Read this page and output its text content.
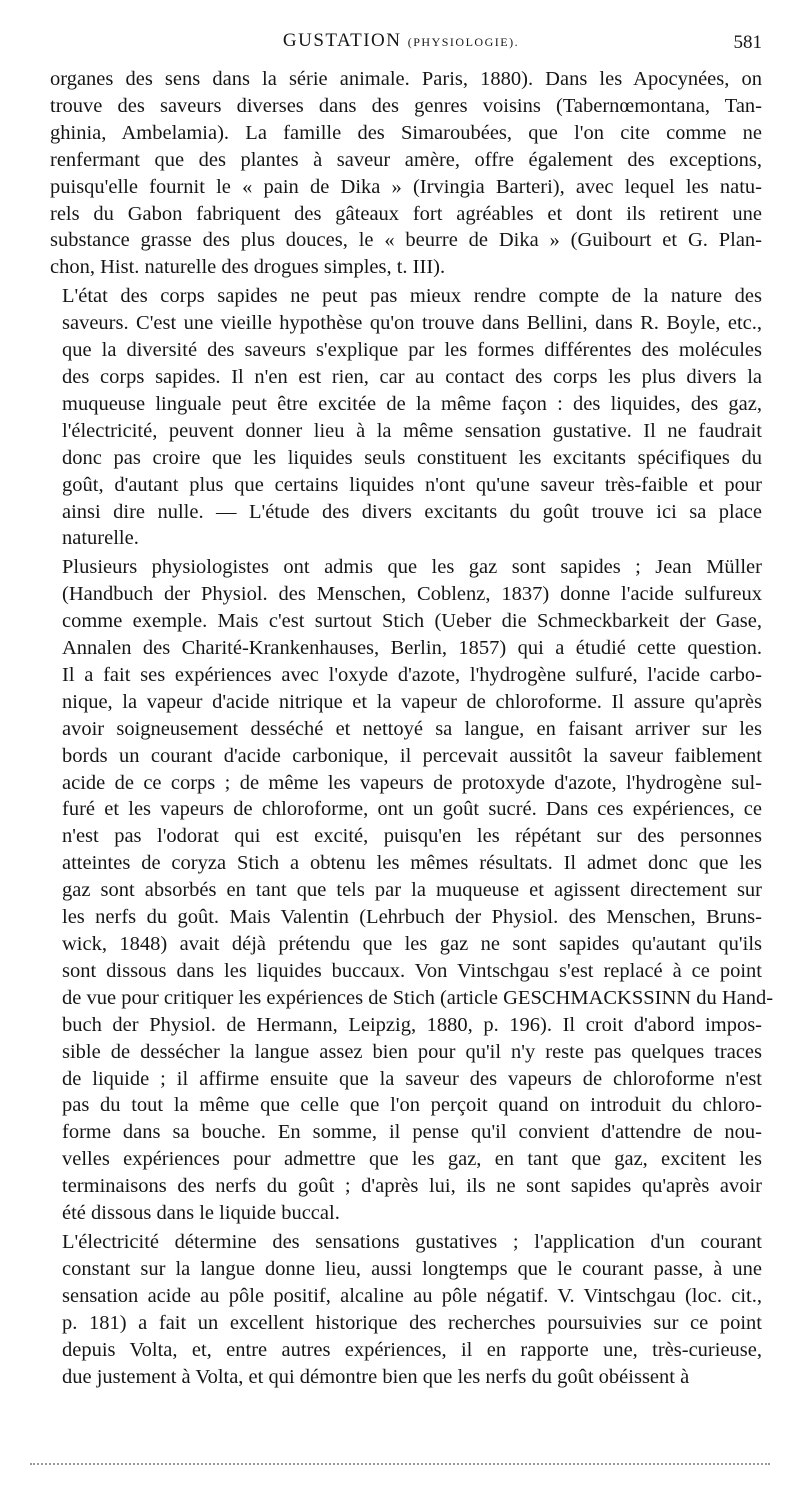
GUSTATION (PHYSIOLOGIE).	581
organes des sens dans la série animale. Paris, 1880). Dans les Apocynées, on
trouve des saveurs diverses dans des genres voisins (Tabernœmontana, Tan-
ghinia, Ambelamia). La famille des Simaroubées, que l'on cite comme ne
renfermant que des plantes à saveur amère, offre également des exceptions,
puisqu'elle fournit le « pain de Dika » (Irvingia Barteri), avec lequel les natu-
rels du Gabon fabriquent des gâteaux fort agréables et dont ils retirent une
substance grasse des plus douces, le « beurre de Dika » (Guibourt et G. Plan-
chon, Hist. naturelle des drogues simples, t. III).
L'état des corps sapides ne peut pas mieux rendre compte de la nature des
saveurs. C'est une vieille hypothèse qu'on trouve dans Bellini, dans R. Boyle, etc.,
que la diversité des saveurs s'explique par les formes différentes des molécules
des corps sapides. Il n'en est rien, car au contact des corps les plus divers la
muqueuse linguale peut être excitée de la même façon : des liquides, des gaz,
l'électricité, peuvent donner lieu à la même sensation gustative. Il ne faudrait
donc pas croire que les liquides seuls constituent les excitants spécifiques du
goût, d'autant plus que certains liquides n'ont qu'une saveur très-faible et pour
ainsi dire nulle. — L'étude des divers excitants du goût trouve ici sa place
naturelle.
Plusieurs physiologistes ont admis que les gaz sont sapides ; Jean Müller
(Handbuch der Physiol. des Menschen, Coblenz, 1837) donne l'acide sulfureux
comme exemple. Mais c'est surtout Stich (Ueber die Schmeckbarkeit der Gase,
Annalen des Charité-Krankenhauses, Berlin, 1857) qui a étudié cette question.
Il a fait ses expériences avec l'oxyde d'azote, l'hydrogène sulfuré, l'acide carbo-
nique, la vapeur d'acide nitrique et la vapeur de chloroforme. Il assure qu'après
avoir soigneusement desséché et nettoyé sa langue, en faisant arriver sur les
bords un courant d'acide carbonique, il percevait aussitôt la saveur faiblement
acide de ce corps ; de même les vapeurs de protoxyde d'azote, l'hydrogène sul-
furé et les vapeurs de chloroforme, ont un goût sucré. Dans ces expériences, ce
n'est pas l'odorat qui est excité, puisqu'en les répétant sur des personnes
atteintes de coryza Stich a obtenu les mêmes résultats. Il admet donc que les
gaz sont absorbés en tant que tels par la muqueuse et agissent directement sur
les nerfs du goût. Mais Valentin (Lehrbuch der Physiol. des Menschen, Bruns-
wick, 1848) avait déjà prétendu que les gaz ne sont sapides qu'autant qu'ils
sont dissous dans les liquides buccaux. Von Vintschgau s'est replacé à ce point
de vue pour critiquer les expériences de Stich (article GESCHMACKSSINN du Hand-
buch der Physiol. de Hermann, Leipzig, 1880, p. 196). Il croit d'abord impos-
sible de dessécher la langue assez bien pour qu'il n'y reste pas quelques traces
de liquide ; il affirme ensuite que la saveur des vapeurs de chloroforme n'est
pas du tout la même que celle que l'on perçoit quand on introduit du chloro-
forme dans sa bouche. En somme, il pense qu'il convient d'attendre de nou-
velles expériences pour admettre que les gaz, en tant que gaz, excitent les
terminaisons des nerfs du goût ; d'après lui, ils ne sont sapides qu'après avoir
été dissous dans le liquide buccal.
L'électricité détermine des sensations gustatives ; l'application d'un courant
constant sur la langue donne lieu, aussi longtemps que le courant passe, à une
sensation acide au pôle positif, alcaline au pôle négatif. V. Vintschgau (loc. cit.,
p. 181) a fait un excellent historique des recherches poursuivies sur ce point
depuis Volta, et, entre autres expériences, il en rapporte une, très-curieuse,
due justement à Volta, et qui démontre bien que les nerfs du goût obéissent à
